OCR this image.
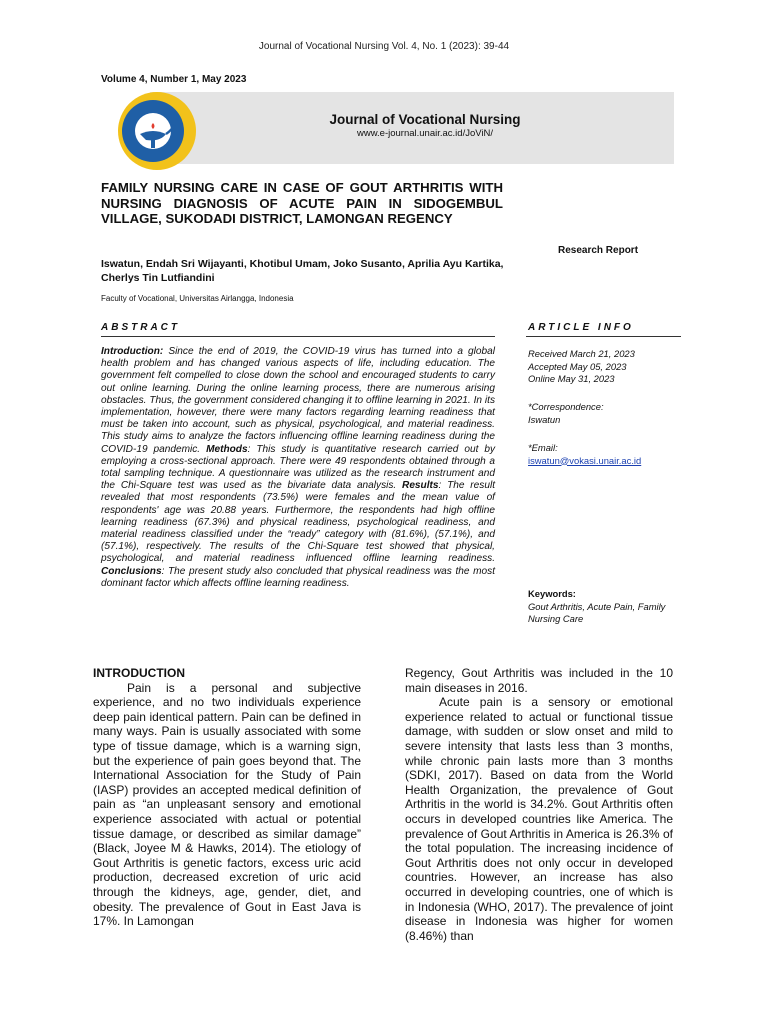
Journal of Vocational Nursing Vol. 4, No. 1 (2023): 39-44
Volume 4, Number 1, May 2023
Journal of Vocational Nursing
www.e-journal.unair.ac.id/JoViN/
FAMILY NURSING CARE IN CASE OF GOUT ARTHRITIS WITH NURSING DIAGNOSIS OF ACUTE PAIN IN SIDOGEMBUL VILLAGE, SUKODADI DISTRICT, LAMONGAN REGENCY
Research Report
Iswatun, Endah Sri Wijayanti, Khotibul Umam, Joko Susanto, Aprilia Ayu Kartika, Cherlys Tin Lutfiandini
Faculty of Vocational, Universitas Airlangga, Indonesia
ABSTRACT	ARTICLE INFO

Introduction: Since the end of 2019, the COVID-19 virus has turned into a global health problem and has changed various aspects of life, including education. The government felt compelled to close down the school and encouraged students to carry out online learning. During the online learning process, there are numerous arising obstacles. Thus, the government considered changing it to offline learning in 2021. In its implementation, however, there were many factors regarding learning readiness that must be taken into account, such as physical, psychological, and material readiness. This study aims to analyze the factors influencing offline learning readiness during the COVID-19 pandemic. Methods: This study is quantitative research carried out by employing a cross-sectional approach. There were 49 respondents obtained through a total sampling technique. A questionnaire was utilized as the research instrument and the Chi-Square test was used as the bivariate data analysis. Results: The result revealed that most respondents (73.5%) were females and the mean value of respondents' age was 20.88 years. Furthermore, the respondents had high offline learning readiness (67.3%) and physical readiness, psychological readiness, and material readiness classified under the “ready” category with (81.6%), (57.1%), and (57.1%), respectively. The results of the Chi-Square test showed that physical, psychological, and material readiness influenced offline learning readiness. Conclusions: The present study also concluded that physical readiness was the most dominant factor which affects offline learning readiness.

Received March 21, 2023
Accepted May 05, 2023
Online May 31, 2023
*Correspondence:
Iswatun
*Email:
iswatun@vokasi.unair.ac.id
Keywords:
Gout Arthritis, Acute Pain, Family Nursing Care

INTRODUCTION

Pain is a personal and subjective experience, and no two individuals experience deep pain identical pattern. Pain can be defined in many ways. Pain is usually associated with some type of tissue damage, which is a warning sign, but the experience of pain goes beyond that. The International Association for the Study of Pain (IASP) provides an accepted medical definition of pain as “an unpleasant sensory and emotional experience associated with actual or potential tissue damage, or described as similar damage” (Black, Joyee M & Hawks, 2014). The etiology of Gout Arthritis is genetic factors, excess uric acid production, decreased excretion of uric acid through the kidneys, age, gender, diet, and obesity. The prevalence of Gout in East Java is 17%. In Lamongan

Regency, Gout Arthritis was included in the 10 main diseases in 2016.

Acute pain is a sensory or emotional experience related to actual or functional tissue damage, with sudden or slow onset and mild to severe intensity that lasts less than 3 months, while chronic pain lasts more than 3 months (SDKI, 2017). Based on data from the World Health Organization, the prevalence of Gout Arthritis in the world is 34.2%. Gout Arthritis often occurs in developed countries like America. The prevalence of Gout Arthritis in America is 26.3% of the total population. The increasing incidence of Gout Arthritis does not only occur in developed countries. However, an increase has also occurred in developing countries, one of which is in Indonesia (WHO, 2017). The prevalence of joint disease in Indonesia was higher for women (8.46%) than
